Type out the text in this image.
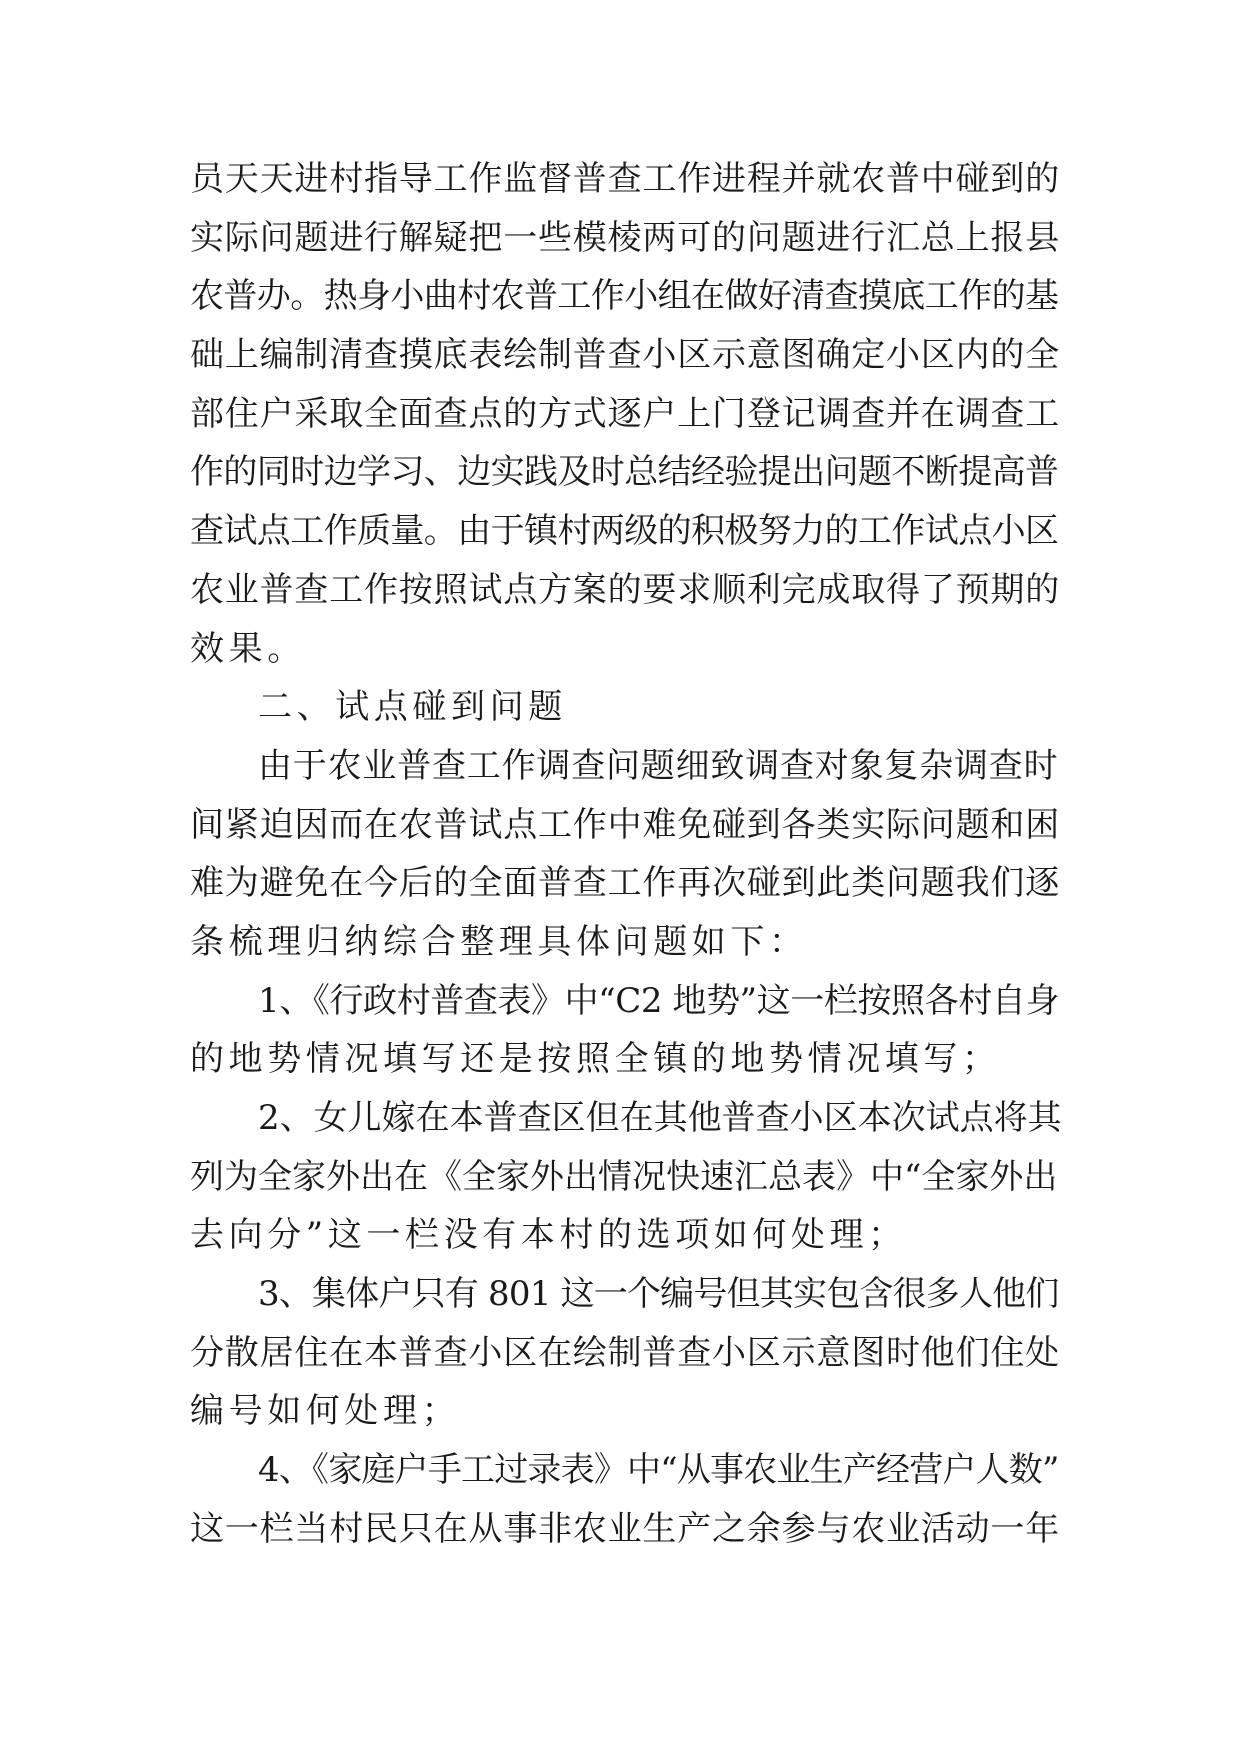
员天天进村指导工作监督普查工作进程并就农普中碰到的
实际问题进行解疑把一些模棱两可的问题进行汇总上报县
农普办。热身小曲村农普工作小组在做好清查摸底工作的基
础上编制清查摸底表绘制普查小区示意图确定小区内的全
部住户采取全面查点的方式逐户上门登记调查并在调查工
作的同时边学习、边实践及时总结经验提出问题不断提高普
查试点工作质量。由于镇村两级的积极努力的工作试点小区
农业普查工作按照试点方案的要求顺利完成取得了预期的
效果。
二、试点碰到问题
由于农业普查工作调查问题细致调查对象复杂调查时
间紧迫因而在农普试点工作中难免碰到各类实际问题和困
难为避免在今后的全面普查工作再次碰到此类问题我们逐
条梳理归纳综合整理具体问题如下：
1、《行政村普查表》中“C2 地势”这一栏按照各村自身
的地势情况填写还是按照全镇的地势情况填写；
2、女儿嫁在本普查区但在其他普查小区本次试点将其
列为全家外出在《全家外出情况快速汇总表》中“全家外出
去向分”这一栏没有本村的选项如何处理；
3、集体户只有 801 这一个编号但其实包含很多人他们
分散居住在本普查小区在绘制普查小区示意图时他们住处
编号如何处理；
4、《家庭户手工过录表》中“从事农业生产经营户人数”
这一栏当村民只在从事非农业生产之余参与农业活动一年
